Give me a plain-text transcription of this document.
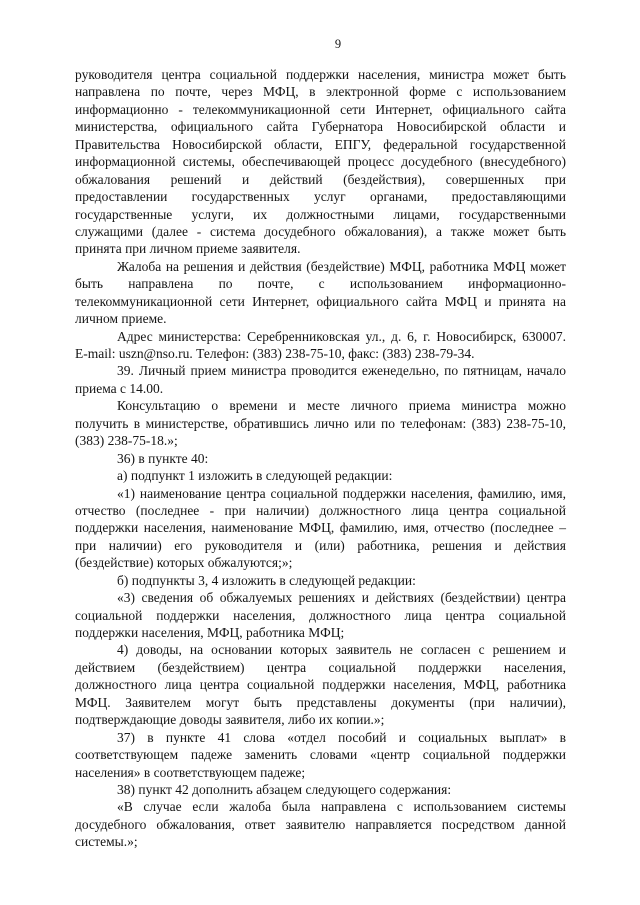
9
руководителя центра социальной поддержки населения, министра может быть
направлена по почте, через МФЦ, в электронной форме с использованием
информационно - телекоммуникационной сети Интернет, официального сайта
министерства, официального сайта Губернатора Новосибирской области и
Правительства Новосибирской области, ЕПГУ, федеральной государственной
информационной системы, обеспечивающей процесс досудебного (внесудебного)
обжалования решений и действий (бездействия), совершенных при
предоставлении государственных услуг органами, предоставляющими
государственные услуги, их должностными лицами, государственными
служащими (далее - система досудебного обжалования), а также может быть
принята при личном приеме заявителя.
Жалоба на решения и действия (бездействие) МФЦ, работника МФЦ может
быть направлена по почте, с использованием информационно-
телекоммуникационной сети Интернет, официального сайта МФЦ и принята на
личном приеме.
Адрес министерства: Серебренниковская ул., д. 6, г. Новосибирск, 630007.
E-mail: uszn@nso.ru. Телефон: (383) 238-75-10, факс: (383) 238-79-34.
39. Личный прием министра проводится еженедельно, по пятницам, начало
приема с 14.00.
Консультацию о времени и месте личного приема министра можно
получить в министерстве, обратившись лично или по телефонам: (383) 238-75-10,
(383) 238-75-18.»;
36) в пункте 40:
а) подпункт 1 изложить в следующей редакции:
«1) наименование центра социальной поддержки населения, фамилию, имя,
отчество (последнее - при наличии) должностного лица центра социальной
поддержки населения, наименование МФЦ, фамилию, имя, отчество (последнее –
при наличии) его руководителя и (или) работника, решения и действия
(бездействие) которых обжалуются;»;
б) подпункты 3, 4 изложить в следующей редакции:
«3) сведения об обжалуемых решениях и действиях (бездействии) центра
социальной поддержки населения, должностного лица центра социальной
поддержки населения, МФЦ, работника МФЦ;
4) доводы, на основании которых заявитель не согласен с решением и
действием (бездействием) центра социальной поддержки населения,
должностного лица центра социальной поддержки населения, МФЦ, работника
МФЦ. Заявителем могут быть представлены документы (при наличии),
подтверждающие доводы заявителя, либо их копии.»;
37) в пункте 41 слова «отдел пособий и социальных выплат» в
соответствующем падеже заменить словами «центр социальной поддержки
населения» в соответствующем падеже;
38) пункт 42 дополнить абзацем следующего содержания:
«В случае если жалоба была направлена с использованием системы
досудебного обжалования, ответ заявителю направляется посредством данной
системы.»;
